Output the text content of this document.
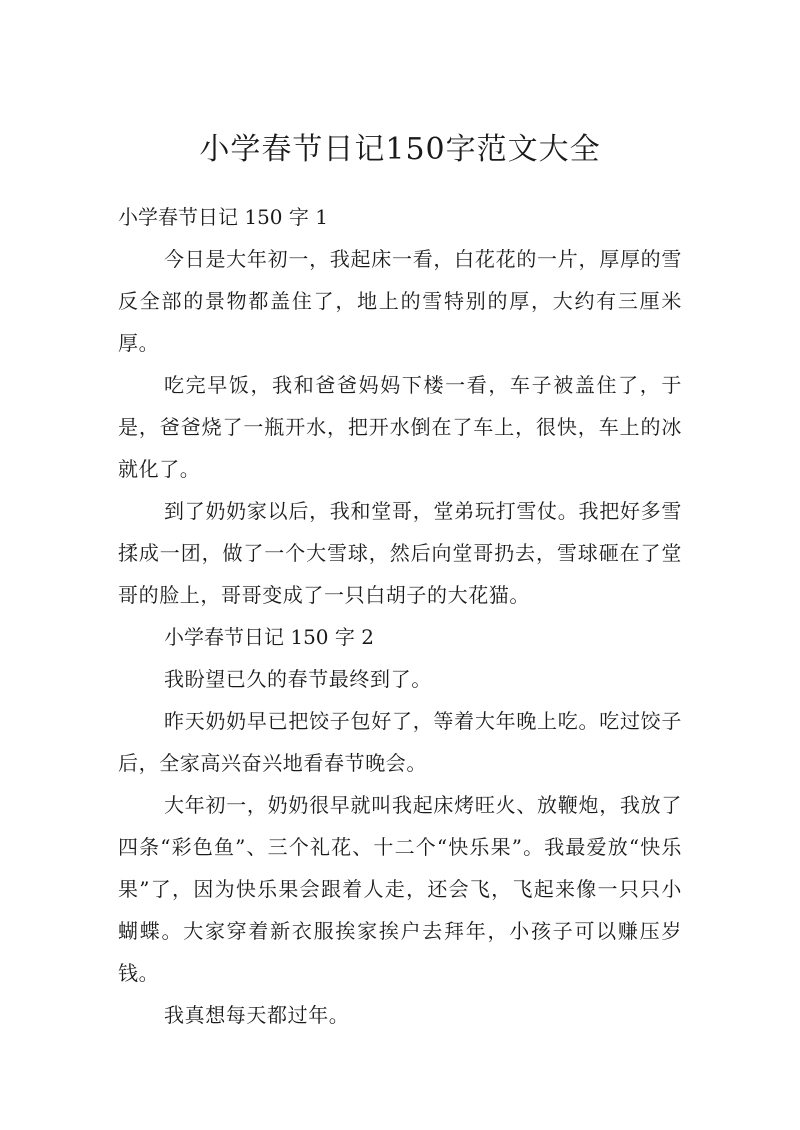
小学春节日记150字范文大全

小学春节日记 150 字 1

今日是大年初一，我起床一看，白花花的一片，厚厚的雪反全部的景物都盖住了，地上的雪特别的厚，大约有三厘米厚。

吃完早饭，我和爸爸妈妈下楼一看，车子被盖住了，于是，爸爸烧了一瓶开水，把开水倒在了车上，很快，车上的冰就化了。

到了奶奶家以后，我和堂哥，堂弟玩打雪仗。我把好多雪揉成一团，做了一个大雪球，然后向堂哥扔去，雪球砸在了堂哥的脸上，哥哥变成了一只白胡子的大花猫。

小学春节日记 150 字 2

我盼望已久的春节最终到了。

昨天奶奶早已把饺子包好了，等着大年晚上吃。吃过饺子后，全家高兴奋兴地看春节晚会。

大年初一，奶奶很早就叫我起床烤旺火、放鞭炮，我放了四条“彩色鱼”、三个礼花、十二个“快乐果”。我最爱放“快乐果”了，因为快乐果会跟着人走，还会飞，飞起来像一只只小蝴蝶。大家穿着新衣服挨家挨户去拜年，小孩子可以赚压岁钱。

我真想每天都过年。
